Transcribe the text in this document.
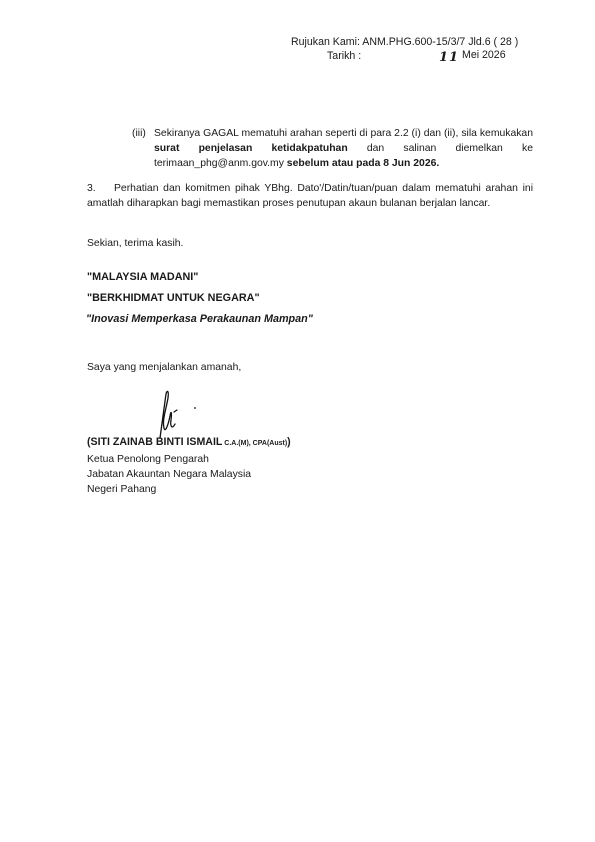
Rujukan Kami: ANM.PHG.600-15/3/7 Jld.6 ( 28 )
Tarikh :	11 Mei 2026
(iii) Sekiranya GAGAL mematuhi arahan seperti di para 2.2 (i) dan (ii), sila kemukakan surat penjelasan ketidakpatuhan dan salinan diemelkan ke terimaan_phg@anm.gov.my sebelum atau pada 8 Jun 2026.
3. Perhatian dan komitmen pihak YBhg. Dato'/Datin/tuan/puan dalam mematuhi arahan ini amatlah diharapkan bagi memastikan proses penutupan akaun bulanan berjalan lancar.
Sekian, terima kasih.
"MALAYSIA MADANI"
"BERKHIDMAT UNTUK NEGARA"
"Inovasi Memperkasa Perakaunan Mampan"
Saya yang menjalankan amanah,
(SITI ZAINAB BINTI ISMAIL C.A.(M), CPA(Aust))
Ketua Penolong Pengarah
Jabatan Akauntan Negara Malaysia
Negeri Pahang
